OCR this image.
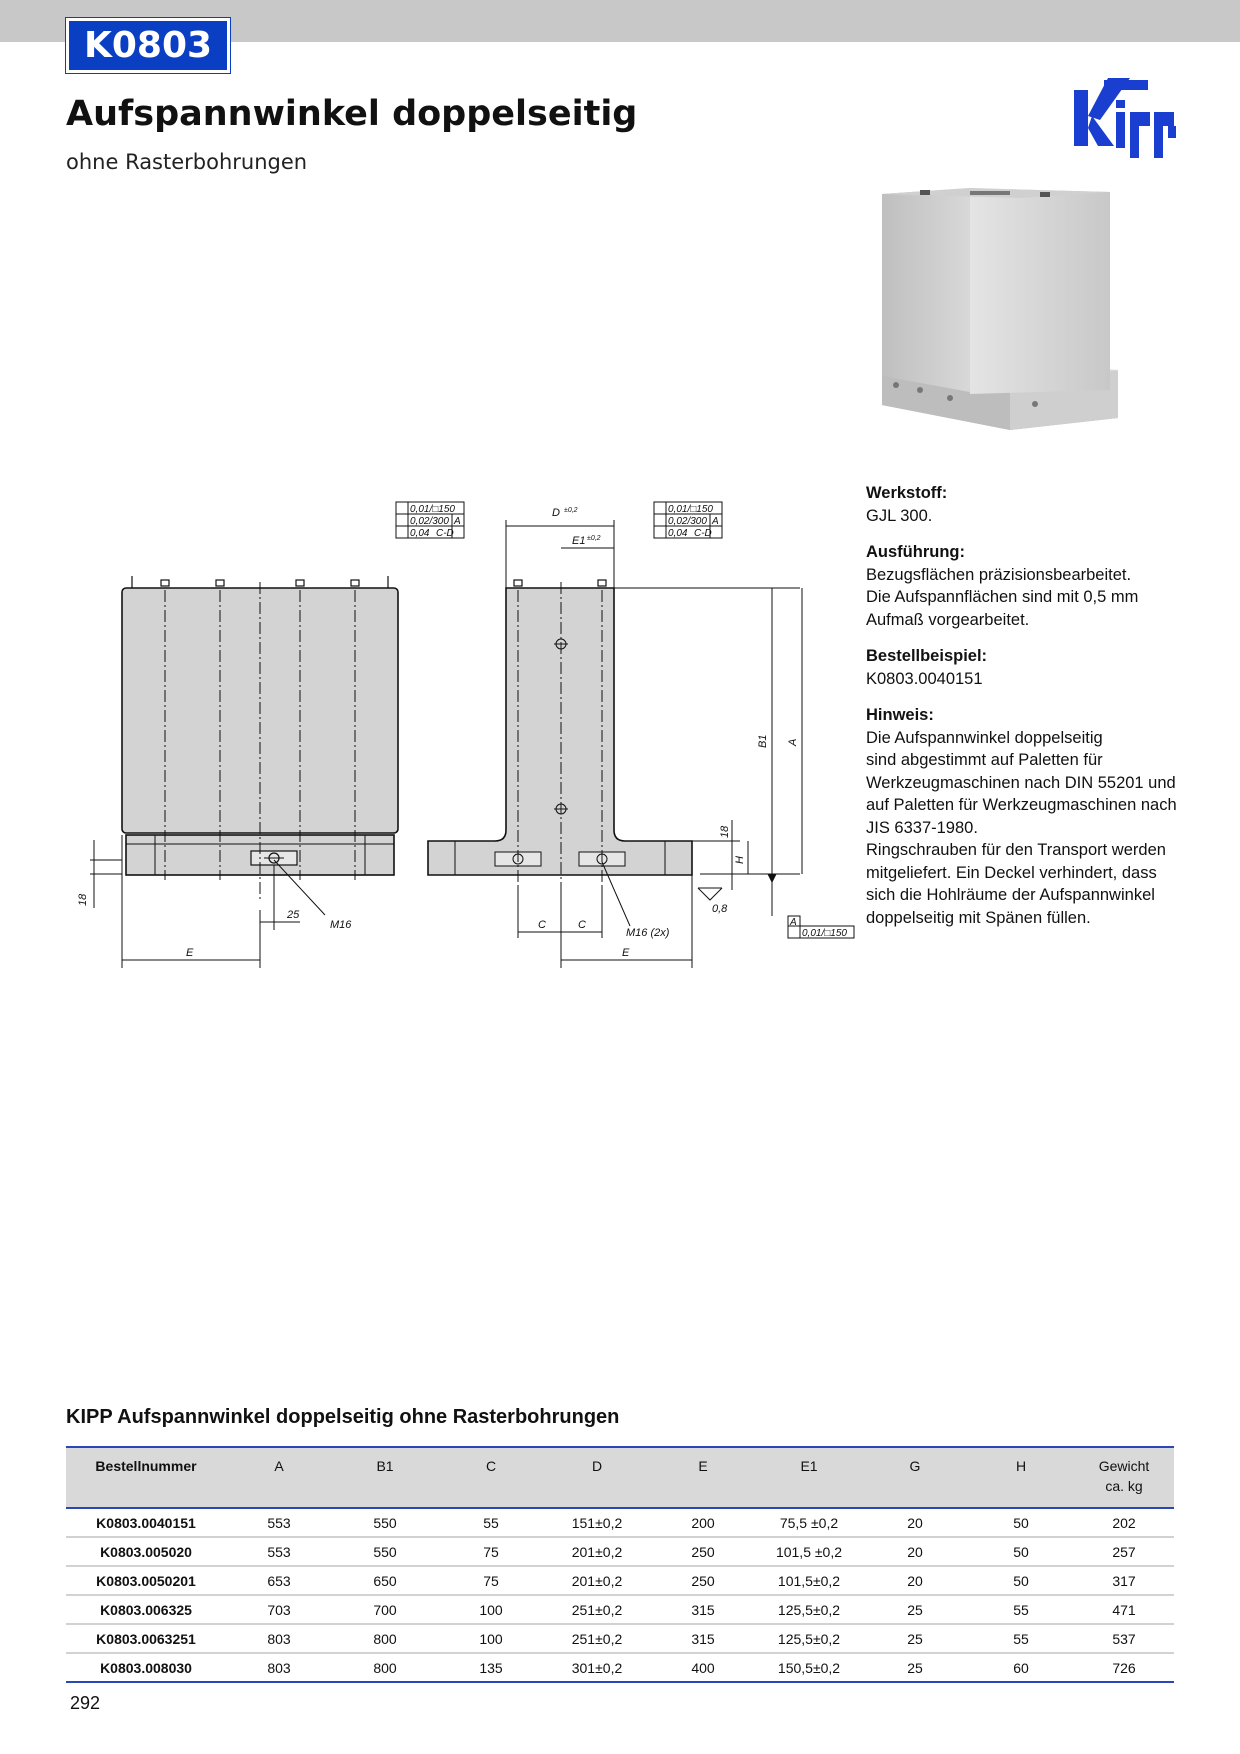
K0803
Aufspannwinkel doppelseitig
ohne Rasterbohrungen
18
25
M16
E
0,01/□150
0,02/300 A
0,04 C-D
D ±0,2
E1 ±0,2
A
B1
18
H
C	C
M16 (2x)
E
0,8
0,01/□150
0,02/300 A
0,04 C-D
A
0,01/□150
Werkstoff:
GJL 300.
Ausführung:
Bezugsflächen präzisionsbearbeitet.
Die Aufspannflächen sind mit 0,5 mm
Aufmaß vorgearbeitet.
Bestellbeispiel:
K0803.0040151
Hinweis:
Die Aufspannwinkel doppelseitig
sind abgestimmt auf Paletten für
Werkzeugmaschinen nach DIN 55201 und
auf Paletten für Werkzeugmaschinen nach
JIS 6337-1980.
Ringschrauben für den Transport werden
mitgeliefert. Ein Deckel verhindert, dass
sich die Hohlräume der Aufspannwinkel
doppelseitig mit Spänen füllen.
KIPP Aufspannwinkel doppelseitig ohne Rasterbohrungen
Bestellnummer	A	B1	C	D	E	E1	G	H	Gewicht
ca. kg
K0803.0040151	553	550	55	151±0,2	200	75,5 ±0,2	20	50	202
K0803.005020	553	550	75	201±0,2	250	101,5 ±0,2	20	50	257
K0803.0050201	653	650	75	201±0,2	250	101,5±0,2	20	50	317
K0803.006325	703	700	100	251±0,2	315	125,5±0,2	25	55	471
K0803.0063251	803	800	100	251±0,2	315	125,5±0,2	25	55	537
K0803.008030	803	800	135	301±0,2	400	150,5±0,2	25	60	726
292
